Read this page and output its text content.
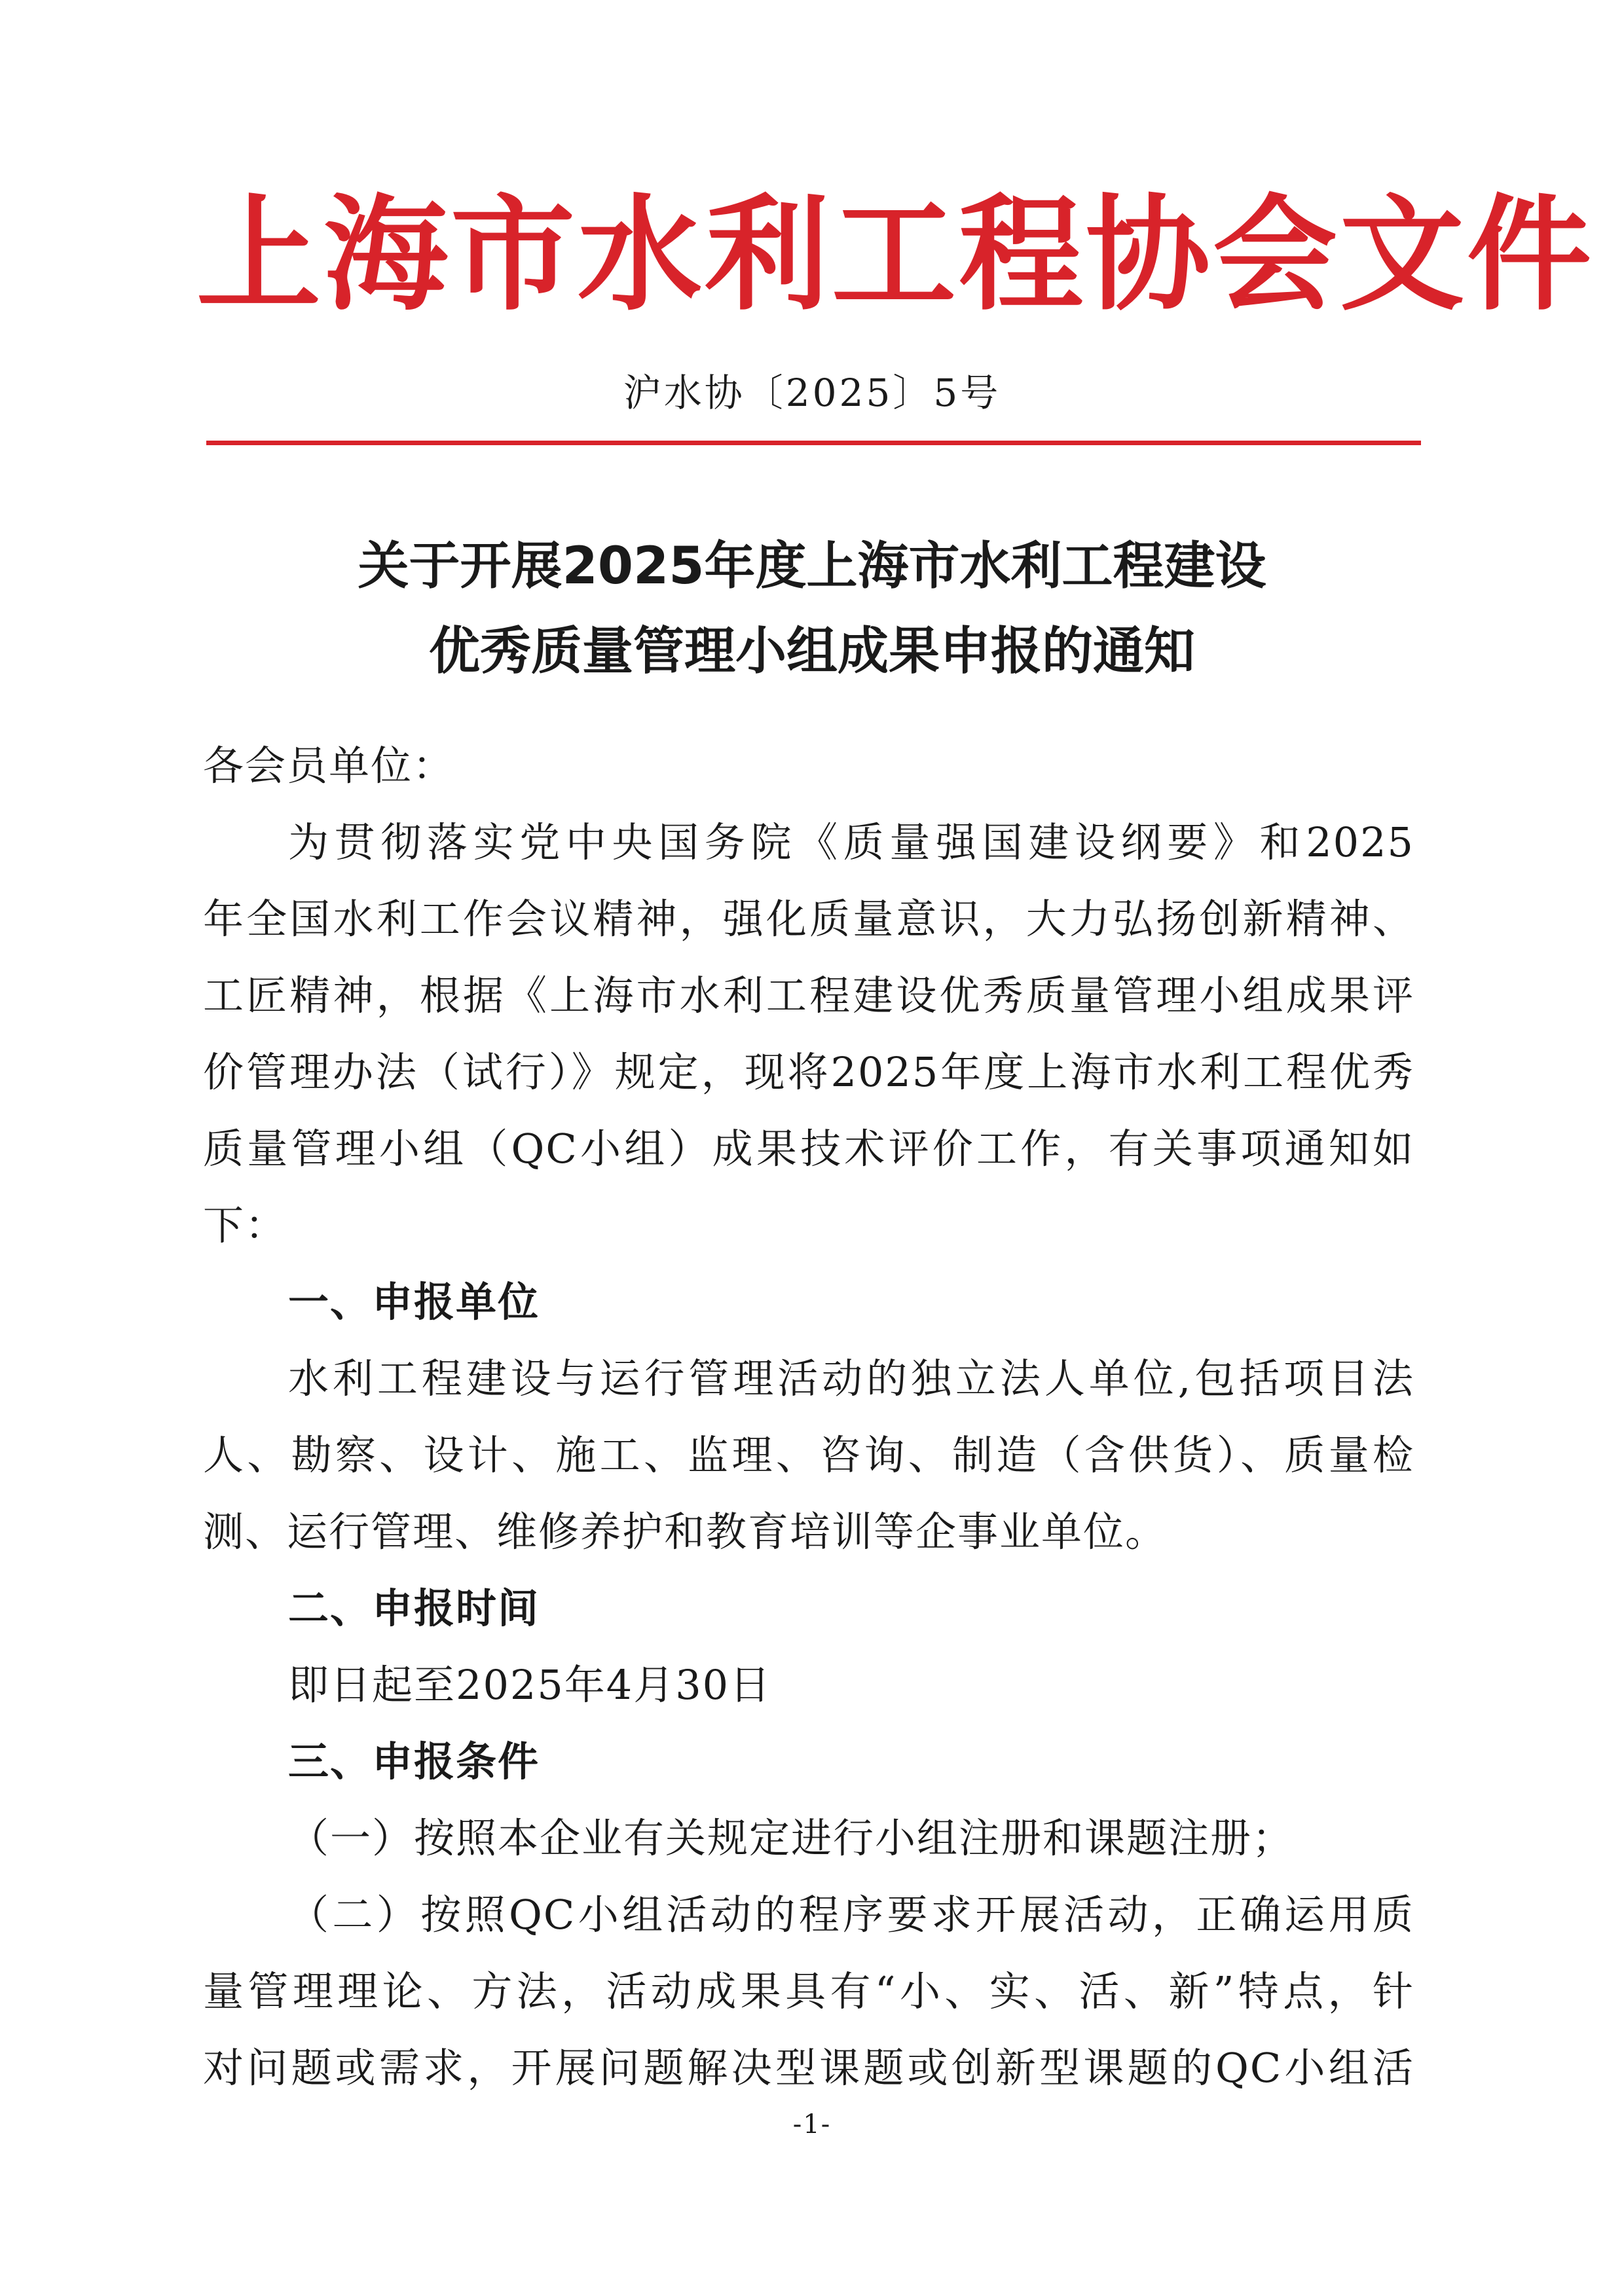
上海市水利工程协会文件
沪水协〔2025〕5号
关于开展2025年度上海市水利工程建设
优秀质量管理小组成果申报的通知
各会员单位：
为贯彻落实党中央国务院《质量强国建设纲要》和2025
年全国水利工作会议精神，强化质量意识，大力弘扬创新精神、
工匠精神，根据《上海市水利工程建设优秀质量管理小组成果评
价管理办法（试行）》规定，现将2025年度上海市水利工程优秀
质量管理小组（QC小组）成果技术评价工作，有关事项通知如
下：
一、申报单位
水利工程建设与运行管理活动的独立法人单位,包括项目法
人、勘察、设计、施工、监理、咨询、制造（含供货）、质量检
测、运行管理、维修养护和教育培训等企事业单位。
二、申报时间
即日起至2025年4月30日
三、申报条件
（一）按照本企业有关规定进行小组注册和课题注册；
（二）按照QC小组活动的程序要求开展活动，正确运用质
量管理理论、方法，活动成果具有“小、实、活、新”特点，针
对问题或需求，开展问题解决型课题或创新型课题的QC小组活
-1-
